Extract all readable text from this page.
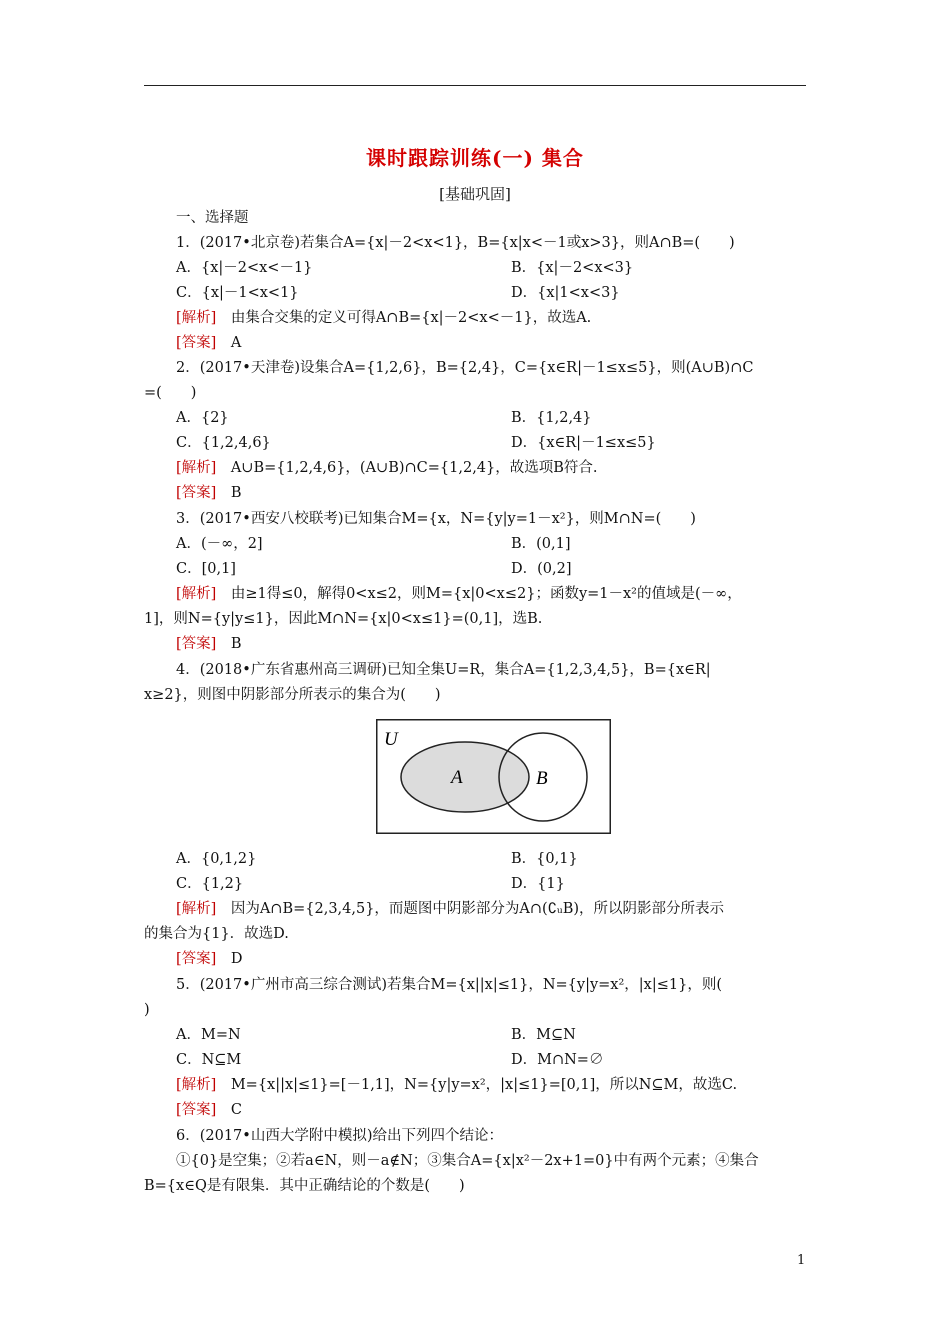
课时跟踪训练(一) 集合
[基础巩固]
一、选择题
1．(2017•北京卷)若集合A={x|－2<x<1}，B={x|x<－1或x>3}，则A∩B=(　　)
A．{x|－2<x<－1}	B．{x|－2<x<3}
C．{x|－1<x<1}	D．{x|1<x<3}
[解析]　 由集合交集的定义可得A∩B={x|－2<x<－1}，故选A.
[答案]　 A
2．(2017•天津卷)设集合A={1,2,6}，B={2,4}，C={x∈R|－1≤x≤5}，则(A∪B)∩C
=(　　)
A．{2}	B．{1,2,4}
C．{1,2,4,6}	D．{x∈R|－1≤x≤5}
[解析]　 A∪B={1,2,4,6}，(A∪B)∩C={1,2,4}，故选项B符合.
[答案]　 B
3．(2017•西安八校联考)已知集合M={x，N={y|y=1－x²}，则M∩N=(　　)
A．(－∞，2]	B．(0,1]
C．[0,1]	D．(0,2]
[解析]　 由≥1得≤0，解得0<x≤2，则M={x|0<x≤2}；函数y=1－x²的值域是(－∞，
1]，则N={y|y≤1}，因此M∩N={x|0<x≤1}=(0,1]，选B.
[答案]　 B
4．(2018•广东省惠州高三调研)已知全集U=R，集合A={1,2,3,4,5}，B={x∈R|
x≥2}，则图中阴影部分所表示的集合为(　　)
U
A	B
A．{0,1,2}	B．{0,1}
C．{1,2}	D．{1}
[解析]　 因为A∩B={2,3,4,5}，而题图中阴影部分为A∩(∁ᵤB)，所以阴影部分所表示
的集合为{1}．故选D.
[答案]　 D
5．(2017•广州市高三综合测试)若集合M={x||x|≤1}，N={y|y=x²，|x|≤1}，则(
)
A．M=N	B．M⊆N
C．N⊆M	D．M∩N=∅
[解析]　 M={x||x|≤1}=[－1,1]，N={y|y=x²，|x|≤1}=[0,1]，所以N⊆M，故选C.
[答案]　 C
6．(2017•山西大学附中模拟)给出下列四个结论：
①{0}是空集；②若a∈N，则－a∉N；③集合A={x|x²－2x+1=0}中有两个元素；④集合
B={x∈Q是有限集．其中正确结论的个数是(　　)
1
